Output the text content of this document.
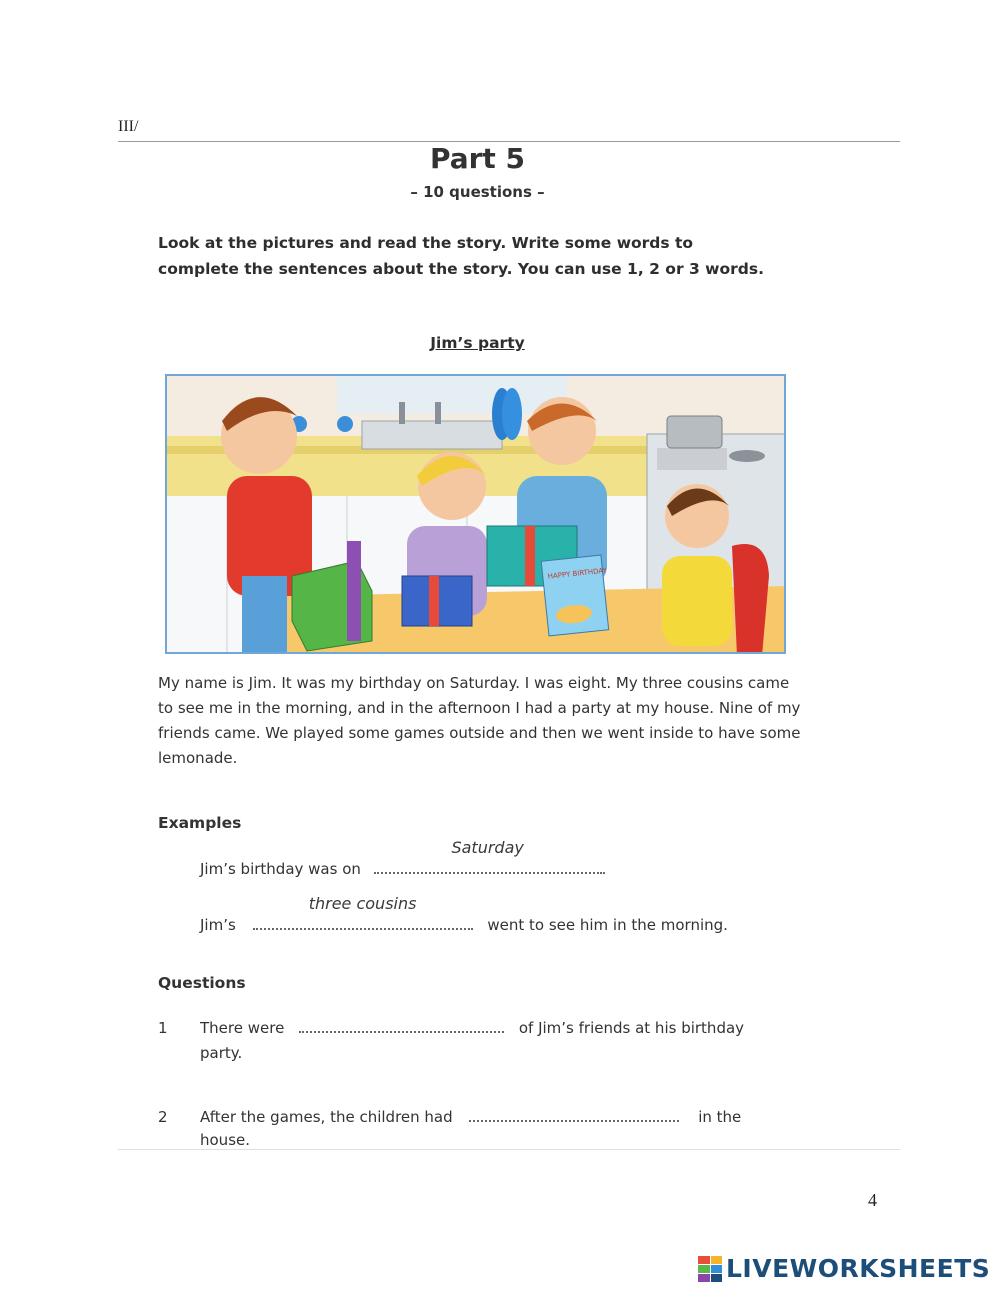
III/
Part 5
– 10 questions –
Look at the pictures and read the story. Write some words to complete the sentences about the story. You can use 1, 2 or 3 words.
Jim’s party
HAPPY BIRTHDAY
My name is Jim. It was my birthday on Saturday. I was eight. My three cousins came to see me in the morning, and in the afternoon I had a party at my house. Nine of my friends came. We played some games outside and then we went inside to have some lemonade.
Examples
Jim’s birthday was on
Saturday
.
Jim’s
three cousins
went to see him in the morning.
Questions
1 There were	of Jim’s friends at his birthday
party.
2 After the games, the children had	in the
house.
4
LIVEWORKSHEETS
